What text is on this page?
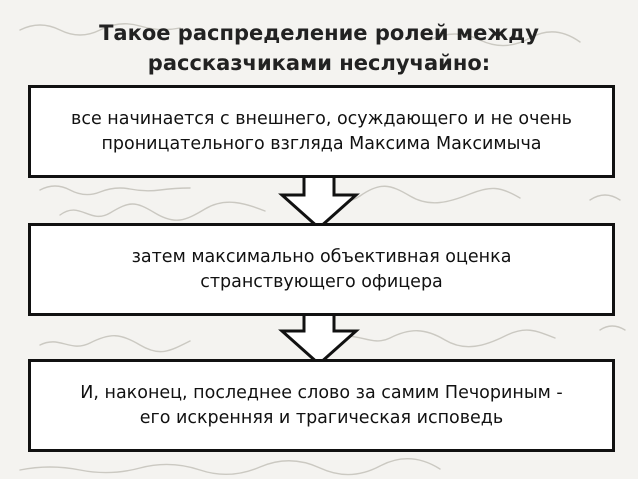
Такое распределение ролей между
рассказчиками неслучайно:
все начинается с внешнего, осуждающего и не очень
проницательного взгляда Максима Максимыча
затем максимально объективная оценка
странствующего офицера
И, наконец, последнее слово за самим Печориным -
его искренняя и трагическая исповедь
